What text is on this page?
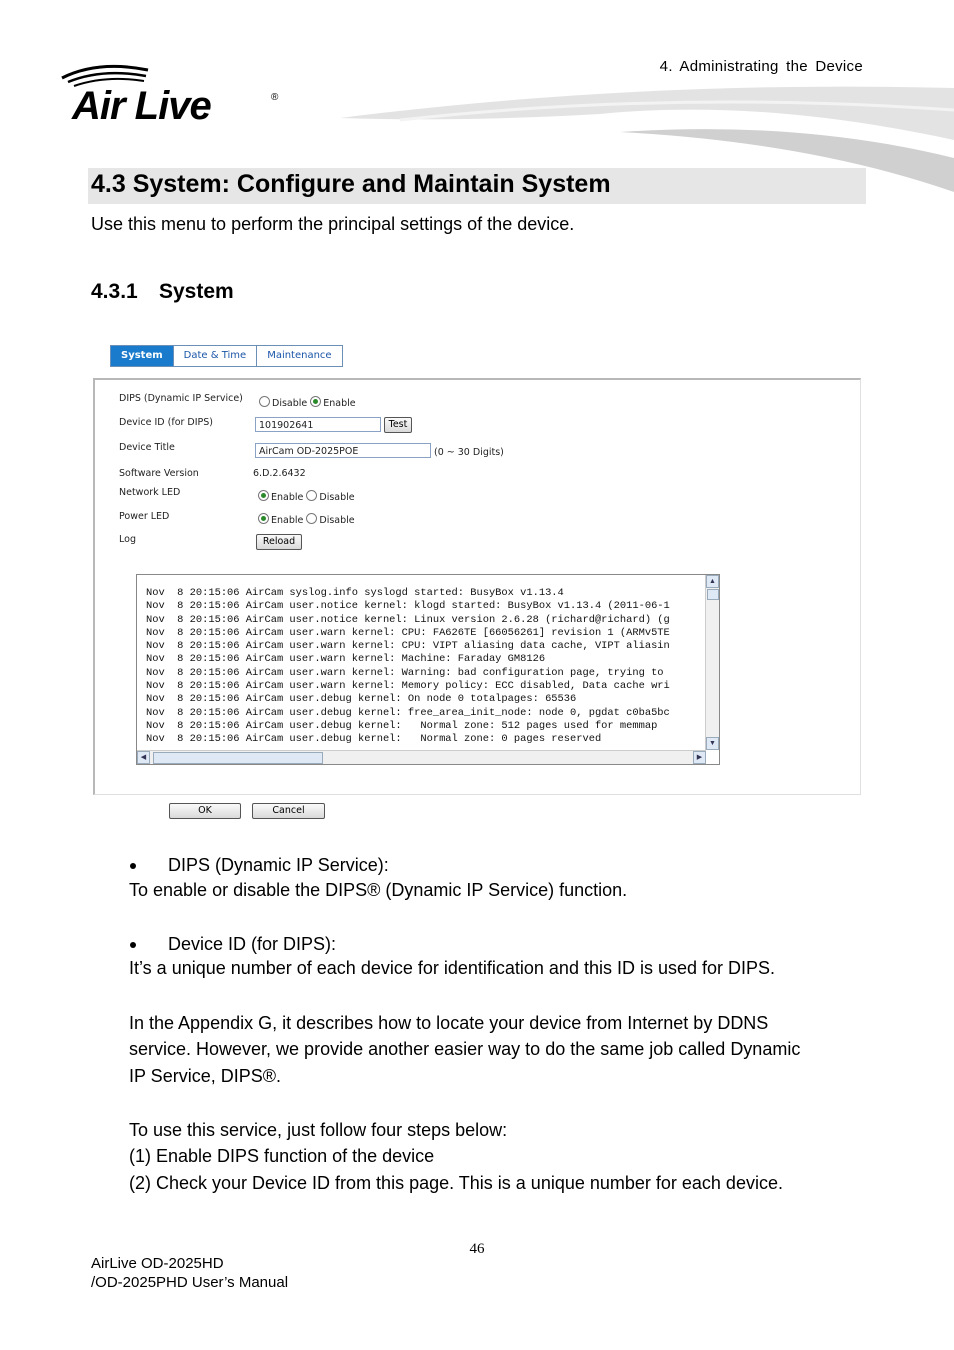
4. Administrating the Device
Air Live	®
4.3 System: Configure and Maintain System
Use this menu to perform the principal settings of the device.
4.3.1 System
System	Date & Time	Maintenance
DIPS (Dynamic IP Service)	Disable Enable
Device ID (for DIPS)	101902641	Test
Device Title	AirCam OD-2025POE	(0 ~ 30 Digits)
Software Version	6.D.2.6432
Network LED	Enable Disable
Power LED	Enable Disable
Log	Reload
Nov  8 20:15:06 AirCam syslog.info syslogd started: BusyBox v1.13.4
Nov  8 20:15:06 AirCam user.notice kernel: klogd started: BusyBox v1.13.4 (2011-06-1
Nov  8 20:15:06 AirCam user.notice kernel: Linux version 2.6.28 (richard@richard) (g
Nov  8 20:15:06 AirCam user.warn kernel: CPU: FA626TE [66056261] revision 1 (ARMv5TE
Nov  8 20:15:06 AirCam user.warn kernel: CPU: VIPT aliasing data cache, VIPT aliasin
Nov  8 20:15:06 AirCam user.warn kernel: Machine: Faraday GM8126
Nov  8 20:15:06 AirCam user.warn kernel: Warning: bad configuration page, trying to
Nov  8 20:15:06 AirCam user.warn kernel: Memory policy: ECC disabled, Data cache wri
Nov  8 20:15:06 AirCam user.debug kernel: On node 0 totalpages: 65536
Nov  8 20:15:06 AirCam user.debug kernel: free_area_init_node: node 0, pgdat c0ba5bc
Nov  8 20:15:06 AirCam user.debug kernel:   Normal zone: 512 pages used for memmap
Nov  8 20:15:06 AirCam user.debug kernel:   Normal zone: 0 pages reserved
▲
▼
◀	▶
OK	Cancel
DIPS (Dynamic IP Service):
To enable or disable the DIPS® (Dynamic IP Service) function.
Device ID (for DIPS):
It’s a unique number of each device for identification and this ID is used for DIPS.
In the Appendix G, it describes how to locate your device from Internet by DDNS
service. However, we provide another easier way to do the same job called Dynamic
IP Service, DIPS®.
To use this service, just follow four steps below:
(1) Enable DIPS function of the device
(2) Check your Device ID from this page. This is a unique number for each device.
46
AirLive OD-2025HD
/OD-2025PHD User’s Manual
